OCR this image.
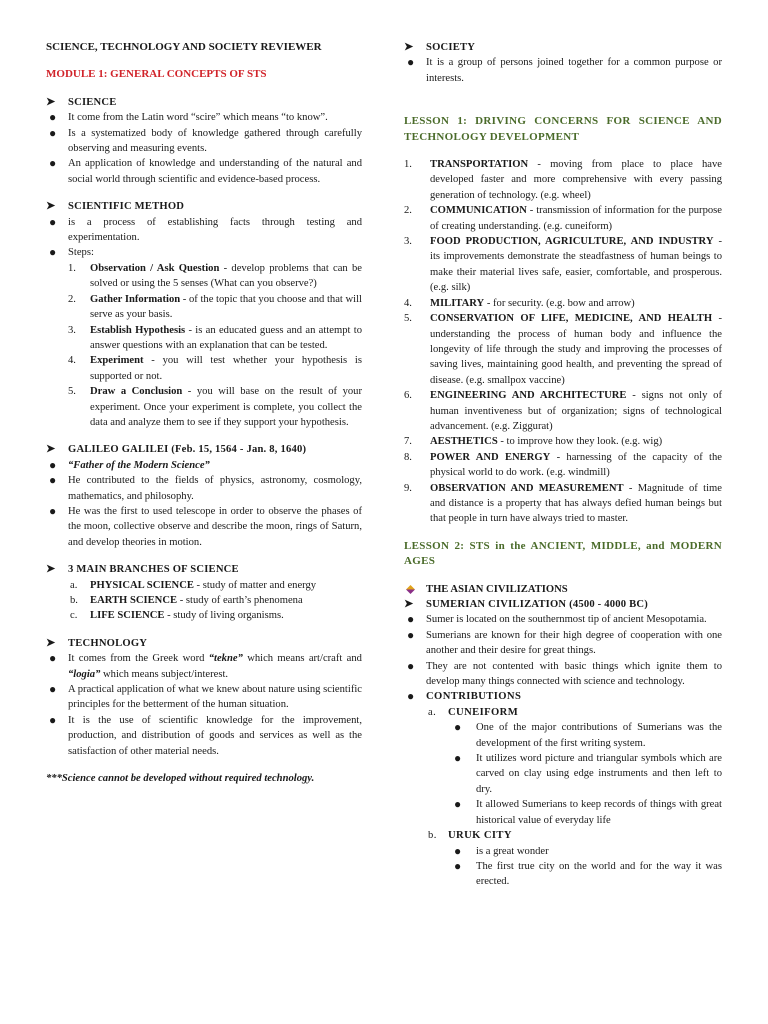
SCIENCE, TECHNOLOGY AND SOCIETY REVIEWER

MODULE 1: GENERAL CONCEPTS OF STS

➤ SCIENCE
● It come from the Latin word “scire” which means “to know”.
● Is a systematized body of knowledge gathered through carefully observing and measuring events.
● An application of knowledge and understanding of the natural and social world through scientific and evidence-based process.
➤ SCIENTIFIC METHOD
● is a process of establishing facts through testing and experimentation.
● Steps:
1. Observation / Ask Question - develop problems that can be solved or using the 5 senses (What can you observe?)
2. Gather Information - of the topic that you choose and that will serve as your basis.
3. Establish Hypothesis - is an educated guess and an attempt to answer questions with an explanation that can be tested.
4. Experiment - you will test whether your hypothesis is supported or not.
5. Draw a Conclusion - you will base on the result of your experiment. Once your experiment is complete, you collect the data and analyze them to see if they support your hypothesis.
➤ GALILEO GALILEI (Feb. 15, 1564 - Jan. 8, 1640)
● “Father of the Modern Science”
● He contributed to the fields of physics, astronomy, cosmology, mathematics, and philosophy.
● He was the first to used telescope in order to observe the phases of the moon, collective observe and describe the moon, rings of Saturn, and develop theories in motion.
➤ 3 MAIN BRANCHES OF SCIENCE
a. PHYSICAL SCIENCE - study of matter and energy
b. EARTH SCIENCE - study of earth’s phenomena
c. LIFE SCIENCE - study of living organisms.
➤ TECHNOLOGY
● It comes from the Greek word “tekne” which means art/craft and “logia” which means subject/interest.
● A practical application of what we knew about nature using scientific principles for the betterment of the human situation.
● It is the use of scientific knowledge for the improvement, production, and distribution of goods and services as well as the satisfaction of other material needs.

***Science cannot be developed without required technology.

➤ SOCIETY
● It is a group of persons joined together for a common purpose or interests.

LESSON 1: DRIVING CONCERNS FOR SCIENCE AND TECHNOLOGY DEVELOPMENT

1. TRANSPORTATION - moving from place to place have developed faster and more comprehensive with every passing generation of technology. (e.g. wheel)
2. COMMUNICATION - transmission of information for the purpose of creating understanding. (e.g. cuneiform)
3. FOOD PRODUCTION, AGRICULTURE, AND INDUSTRY - its improvements demonstrate the steadfastness of human beings to make their material lives safe, easier, comfortable, and prosperous. (e.g. silk)
4. MILITARY - for security. (e.g. bow and arrow)
5. CONSERVATION OF LIFE, MEDICINE, AND HEALTH - understanding the process of human body and influence the longevity of life through the study and improving the processes of saving lives, maintaining good health, and preventing the spread of disease. (e.g. smallpox vaccine)
6. ENGINEERING AND ARCHITECTURE - signs not only of human inventiveness but of organization; signs of technological advancement. (e.g. Ziggurat)
7. AESTHETICS - to improve how they look. (e.g. wig)
8. POWER AND ENERGY - harnessing of the capacity of the physical world to do work. (e.g. windmill)
9. OBSERVATION AND MEASUREMENT - Magnitude of time and distance is a property that has always defied human beings but that people in turn have always tried to master.

LESSON 2: STS in the ANCIENT, MIDDLE, and MODERN AGES

THE ASIAN CIVILIZATIONS
➤ SUMERIAN CIVILIZATION (4500 - 4000 BC)
● Sumer is located on the southernmost tip of ancient Mesopotamia.
● Sumerians are known for their high degree of cooperation with one another and their desire for great things.
● They are not contented with basic things which ignite them to develop many things connected with science and technology.
● CONTRIBUTIONS
a. CUNEIFORM
● One of the major contributions of Sumerians was the development of the first writing system.
● It utilizes word picture and triangular symbols which are carved on clay using edge instruments and then left to dry.
● It allowed Sumerians to keep records of things with great historical value of everyday life
b. URUK CITY
● is a great wonder
● The first true city on the world and for the way it was erected.
